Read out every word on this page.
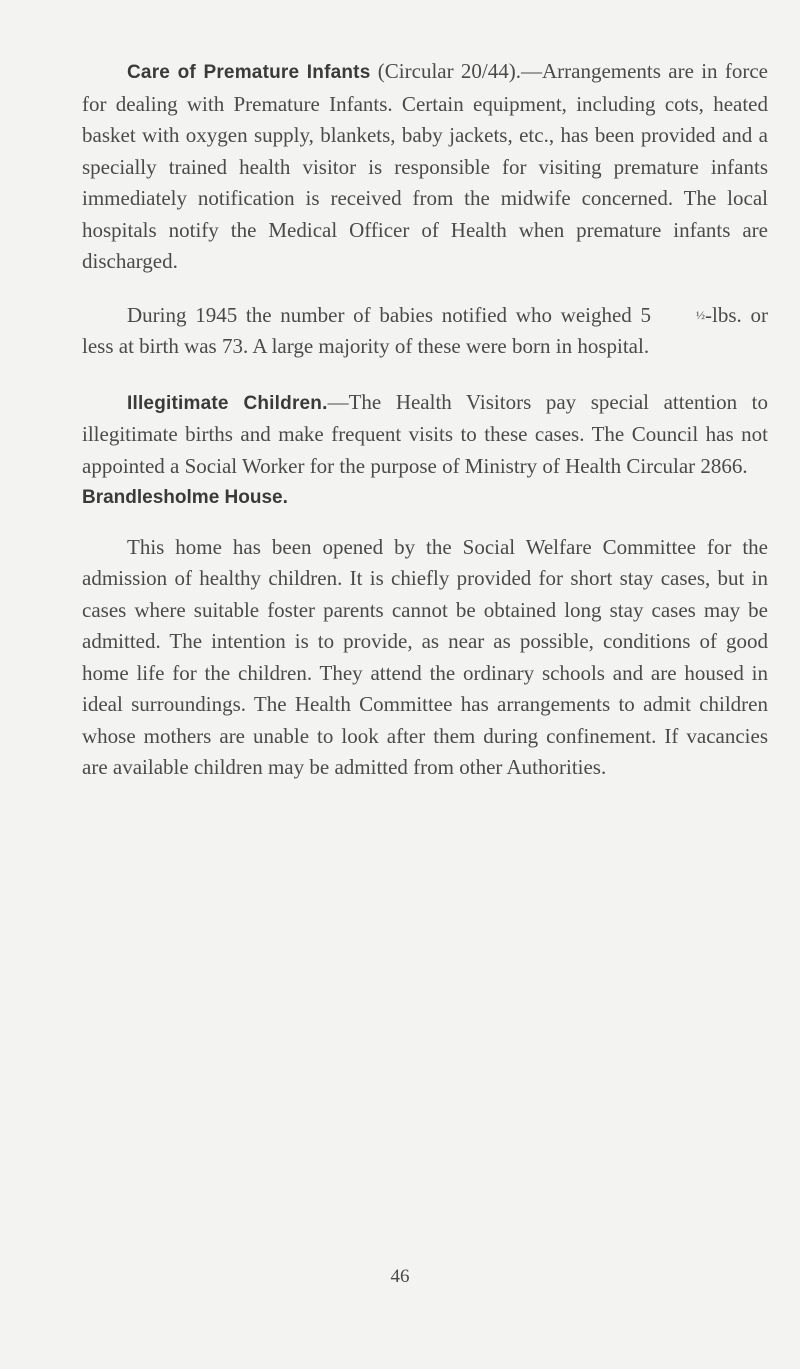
Care of Premature Infants (Circular 20/44).—Arrangements are in force for dealing with Premature Infants. Certain equipment, including cots, heated basket with oxygen supply, blankets, baby jackets, etc., has been provided and a specially trained health visitor is responsible for visiting premature infants immediately notification is received from the midwife concerned. The local hospitals notify the Medical Officer of Health when premature infants are discharged.

During 1945 the number of babies notified who weighed 5	½-lbs. or less at birth was 73. A large majority of these were born in hospital.

Illegitimate Children.—The Health Visitors pay special attention to illegitimate births and make frequent visits to these cases. The Council has not appointed a Social Worker for the purpose of Ministry of Health Circular 2866.

Brandlesholme House.

This home has been opened by the Social Welfare Committee for the admission of healthy children. It is chiefly provided for short stay cases, but in cases where suitable foster parents cannot be obtained long stay cases may be admitted. The intention is to provide, as near as possible, conditions of good home life for the children. They attend the ordinary schools and are housed in ideal surroundings. The Health Committee has arrangements to admit children whose mothers are unable to look after them during confinement. If vacancies are available children may be admitted from other Authorities.

46
